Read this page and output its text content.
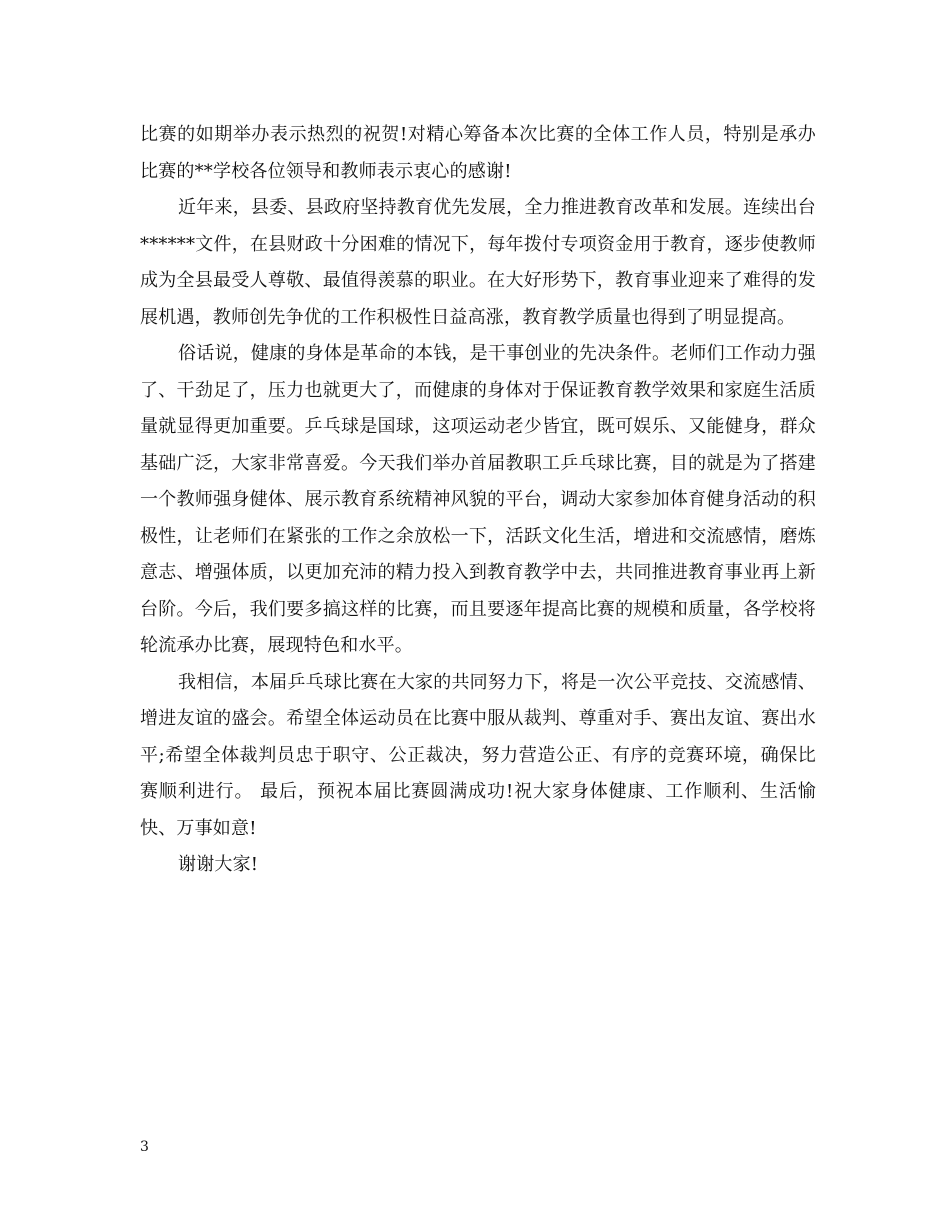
比赛的如期举办表示热烈的祝贺!对精心筹备本次比赛的全体工作人员，特别是承办比赛的**学校各位领导和教师表示衷心的感谢!

近年来，县委、县政府坚持教育优先发展，全力推进教育改革和发展。连续出台******文件，在县财政十分困难的情况下，每年拨付专项资金用于教育，逐步使教师成为全县最受人尊敬、最值得羡慕的职业。在大好形势下，教育事业迎来了难得的发展机遇，教师创先争优的工作积极性日益高涨，教育教学质量也得到了明显提高。

俗话说，健康的身体是革命的本钱，是干事创业的先决条件。老师们工作动力强了、干劲足了，压力也就更大了，而健康的身体对于保证教育教学效果和家庭生活质量就显得更加重要。乒乓球是国球，这项运动老少皆宜，既可娱乐、又能健身，群众基础广泛，大家非常喜爱。今天我们举办首届教职工乒乓球比赛，目的就是为了搭建一个教师强身健体、展示教育系统精神风貌的平台，调动大家参加体育健身活动的积极性，让老师们在紧张的工作之余放松一下，活跃文化生活，增进和交流感情，磨炼意志、增强体质，以更加充沛的精力投入到教育教学中去，共同推进教育事业再上新台阶。今后，我们要多搞这样的比赛，而且要逐年提高比赛的规模和质量，各学校将轮流承办比赛，展现特色和水平。

我相信，本届乒乓球比赛在大家的共同努力下，将是一次公平竞技、交流感情、增进友谊的盛会。希望全体运动员在比赛中服从裁判、尊重对手、赛出友谊、赛出水平;希望全体裁判员忠于职守、公正裁决，努力营造公正、有序的竞赛环境，确保比赛顺利进行。 最后，预祝本届比赛圆满成功!祝大家身体健康、工作顺利、生活愉快、万事如意!

谢谢大家!

3
